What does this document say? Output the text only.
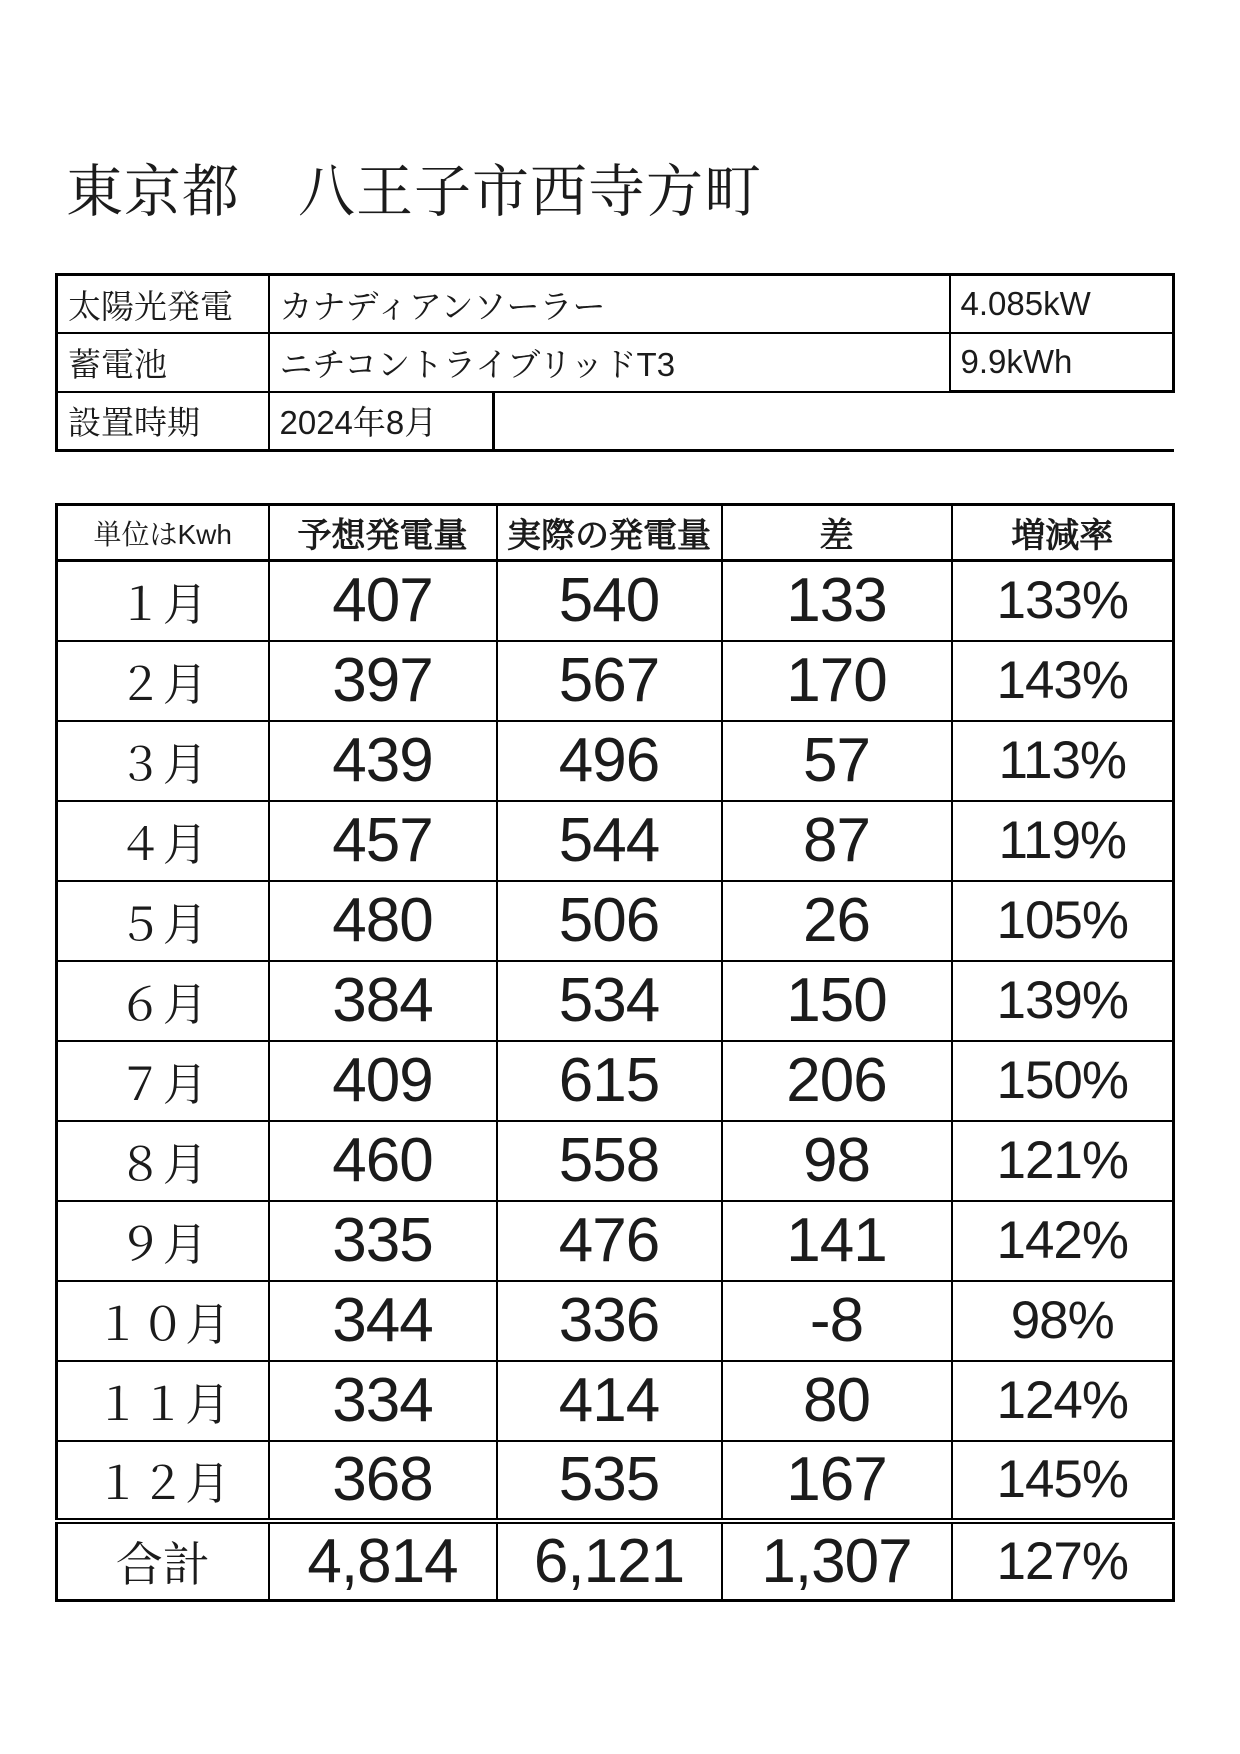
東京都　八王子市西寺方町
太陽光発電	カナディアンソーラー		4.085kW
蓄電池	ニチコントライブリッドT3		9.9kWh
設置時期	2024年8月		
単位はKwh	予想発電量	実際の発電量	差	増減率
１月	407	540	133	133%
２月	397	567	170	143%
３月	439	496	57	113%
４月	457	544	87	119%
５月	480	506	26	105%
６月	384	534	150	139%
７月	409	615	206	150%
８月	460	558	98	121%
９月	335	476	141	142%
１０月	344	336	-8	98%
１１月	334	414	80	124%
１２月	368	535	167	145%
合計	4,814	6,121	1,307	127%
